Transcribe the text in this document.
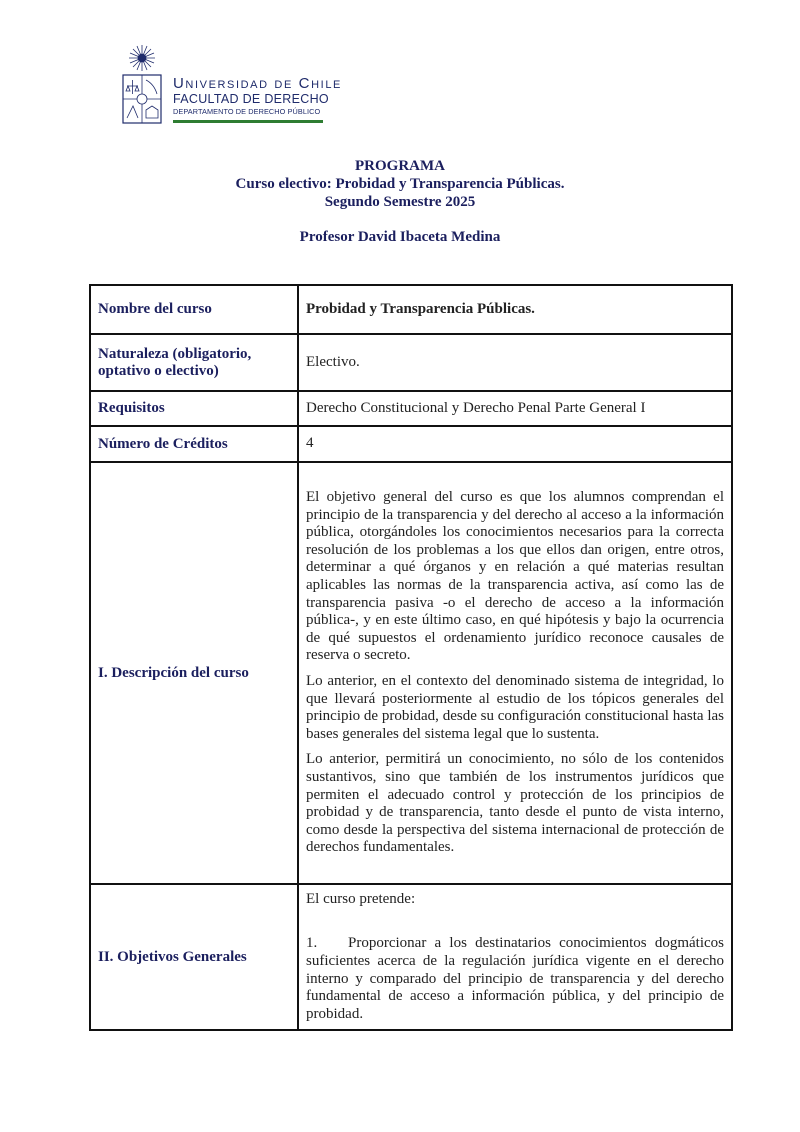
Universidad de Chile
FACULTAD DE DERECHO
DEPARTAMENTO DE DERECHO PÚBLICO
PROGRAMA
Curso electivo: Probidad y Transparencia Públicas.
Segundo Semestre 2025
Profesor David Ibaceta Medina
Nombre del curso	Probidad y Transparencia Públicas.
Naturaleza (obligatorio, optativo o electivo)	Electivo.
Requisitos	Derecho Constitucional y Derecho Penal Parte General I
Número de Créditos	4
I. Descripción del curso	El objetivo general del curso es que los alumnos comprendan el principio de la transparencia y del derecho al acceso a la información pública, otorgándoles los conocimientos necesarios para la correcta resolución de los problemas a los que ellos dan origen, entre otros, determinar a qué órganos y en relación a qué materias resultan aplicables las normas de la transparencia activa, así como las de transparencia pasiva -o el derecho de acceso a la información pública-, y en este último caso, en qué hipótesis y bajo la ocurrencia de qué supuestos el ordenamiento jurídico reconoce causales de reserva o secreto.

Lo anterior, en el contexto del denominado sistema de integridad, lo que llevará posteriormente al estudio de los tópicos generales del principio de probidad, desde su configuración constitucional hasta las bases generales del sistema legal que lo sustenta.

Lo anterior, permitirá un conocimiento, no sólo de los contenidos sustantivos, sino que también de los instrumentos jurídicos que permiten el adecuado control y protección de los principios de probidad y de transparencia, tanto desde el punto de vista interno, como desde la perspectiva del sistema internacional de protección de derechos fundamentales.

II. Objetivos Generales	El curso pretende:

1. Proporcionar a los destinatarios conocimientos dogmáticos suficientes acerca de la regulación jurídica vigente en el derecho interno y comparado del principio de transparencia y del derecho fundamental de acceso a información pública, y del principio de probidad.
